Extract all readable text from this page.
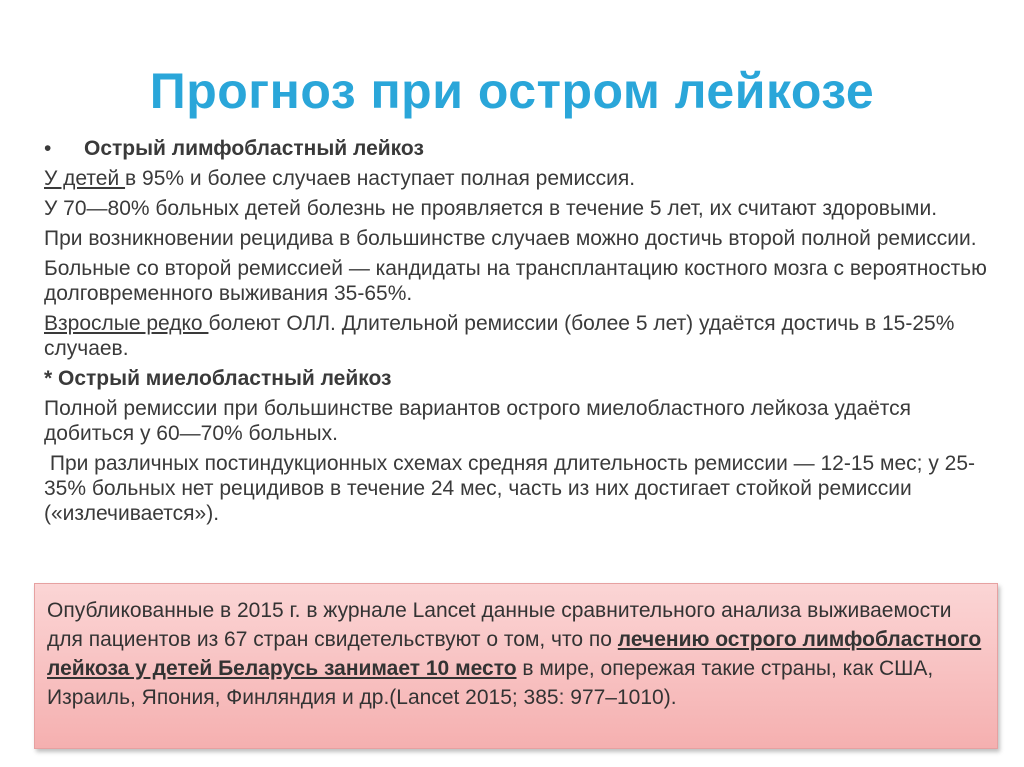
Прогноз при остром лейкозе
•	Острый лимфобластный лейкоз
У детей в 95% и более случаев наступает полная ремиссия.
У 70—80% больных детей болезнь не проявляется в течение 5 лет, их считают здоровыми.
При возникновении рецидива в большинстве случаев можно достичь второй полной ремиссии.
Больные со второй ремиссией — кандидаты на трансплантацию костного мозга с вероятностью долговременного выживания 35-65%.
Взрослые редко болеют ОЛЛ. Длительной ремиссии (более 5 лет) удаётся достичь в 15-25% случаев.
* Острый миелобластный лейкоз
Полной ремиссии при большинстве вариантов острого миелобластного лейкоза удаётся добиться у 60—70% больных.
При различных постиндукционных схемах средняя длительность ремиссии — 12-15 мес; у 25-35% больных нет рецидивов в течение 24 мес, часть из них достигает стойкой ремиссии («излечивается»).
Опубликованные в 2015 г. в журнале Lancet данные сравнительного анализа выживаемости для пациентов из 67 стран свидетельствуют о том, что по лечению острого лимфобластного лейкоза у детей Беларусь занимает 10 место в мире, опережая такие страны, как США, Израиль, Япония, Финляндия и др.(Lancet 2015; 385: 977–1010).
